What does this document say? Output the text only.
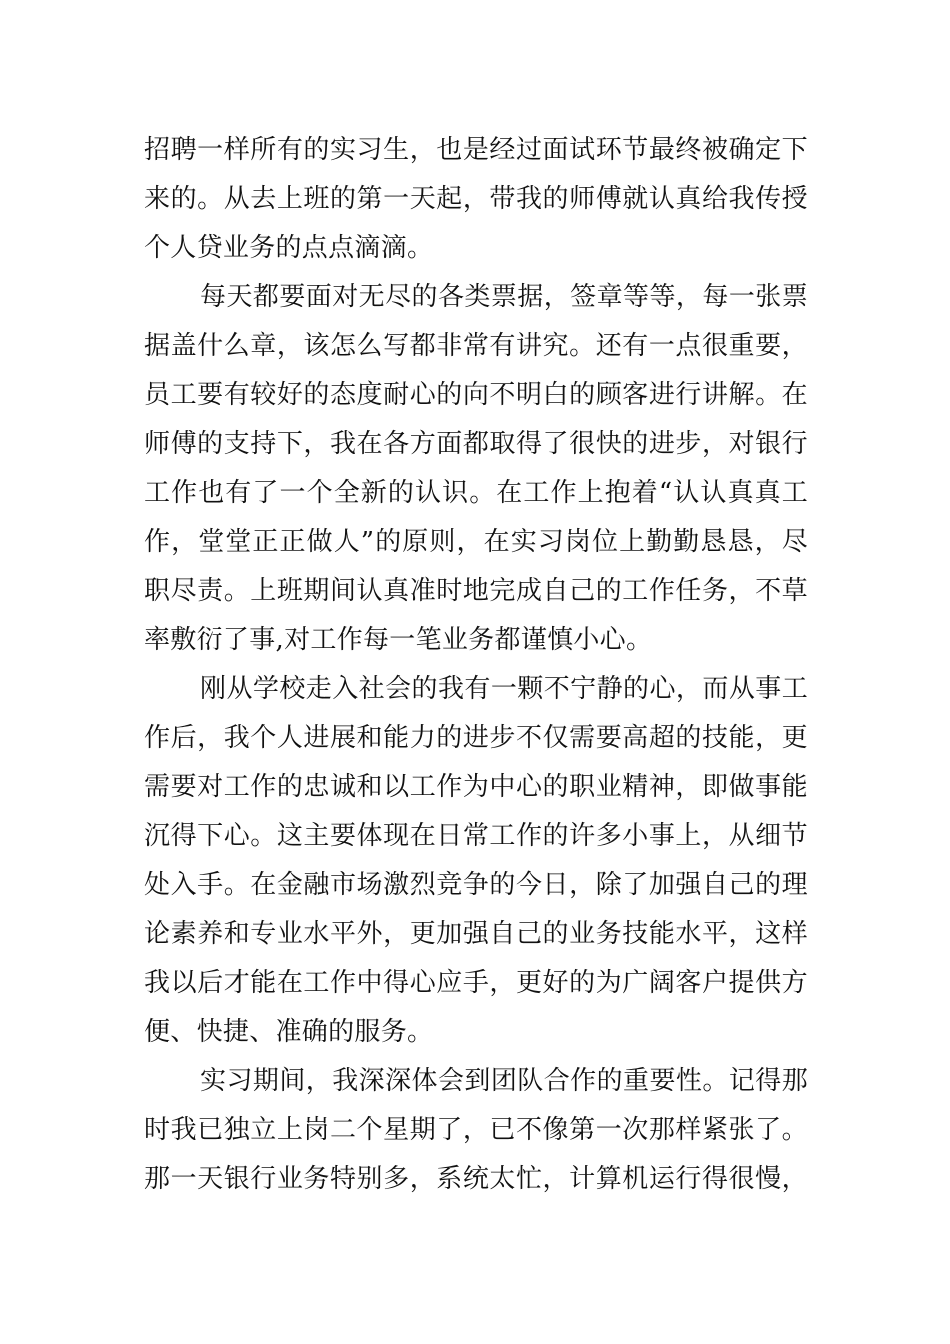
招聘一样所有的实习生，也是经过面试环节最终被确定下
来的。从去上班的第一天起，带我的师傅就认真给我传授
个人贷业务的点点滴滴。
每天都要面对无尽的各类票据，签章等等，每一张票
据盖什么章，该怎么写都非常有讲究。还有一点很重要，
员工要有较好的态度耐心的向不明白的顾客进行讲解。在
师傅的支持下，我在各方面都取得了很快的进步，对银行
工作也有了一个全新的认识。在工作上抱着“认认真真工
作，堂堂正正做人”的原则，在实习岗位上勤勤恳恳，尽
职尽责。上班期间认真准时地完成自己的工作任务，不草
率敷衍了事,对工作每一笔业务都谨慎小心。
刚从学校走入社会的我有一颗不宁静的心，而从事工
作后，我个人进展和能力的进步不仅需要高超的技能，更
需要对工作的忠诚和以工作为中心的职业精神，即做事能
沉得下心。这主要体现在日常工作的许多小事上，从细节
处入手。在金融市场激烈竞争的今日，除了加强自己的理
论素养和专业水平外，更加强自己的业务技能水平，这样
我以后才能在工作中得心应手，更好的为广阔客户提供方
便、快捷、准确的服务。
实习期间，我深深体会到团队合作的重要性。记得那
时我已独立上岗二个星期了，已不像第一次那样紧张了。
那一天银行业务特别多，系统太忙，计算机运行得很慢，
